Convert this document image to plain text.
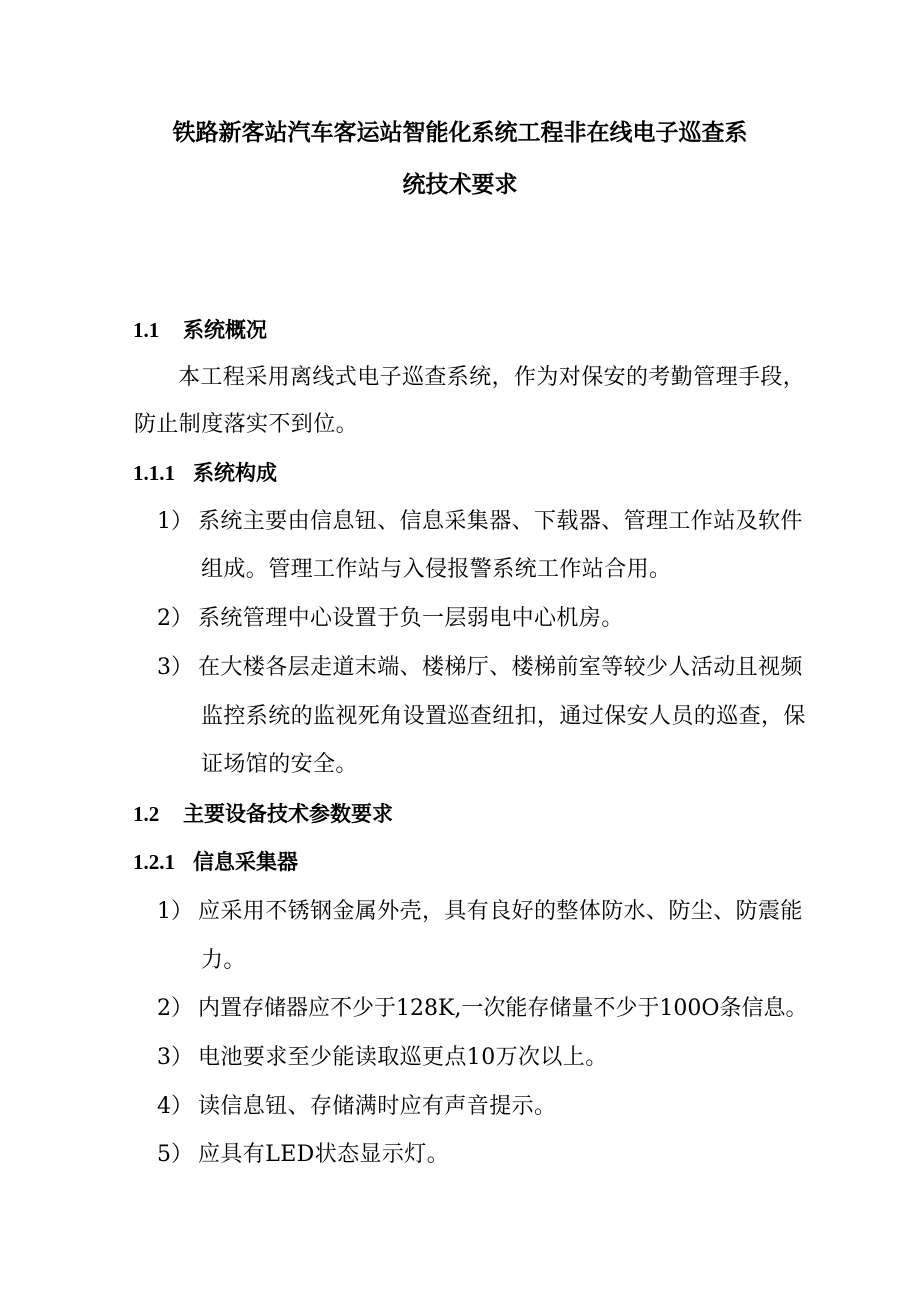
铁路新客站汽车客运站智能化系统工程非在线电子巡查系
统技术要求
1.1 系统概况
本工程采用离线式电子巡查系统，作为对保安的考勤管理手段，
防止制度落实不到位。
1.1.1 系统构成
1） 系统主要由信息钮、信息采集器、下载器、管理工作站及软件
组成。管理工作站与入侵报警系统工作站合用。
2） 系统管理中心设置于负一层弱电中心机房。
3） 在大楼各层走道末端、楼梯厅、楼梯前室等较少人活动且视频
监控系统的监视死角设置巡查纽扣，通过保安人员的巡查，保
证场馆的安全。
1.2 主要设备技术参数要求
1.2.1 信息采集器
1） 应采用不锈钢金属外壳，具有良好的整体防水、防尘、防震能
力。
2） 内置存储器应不少于128K,一次能存储量不少于100O条信息。
3） 电池要求至少能读取巡更点10万次以上。
4） 读信息钮、存储满时应有声音提示。
5） 应具有LED状态显示灯。
